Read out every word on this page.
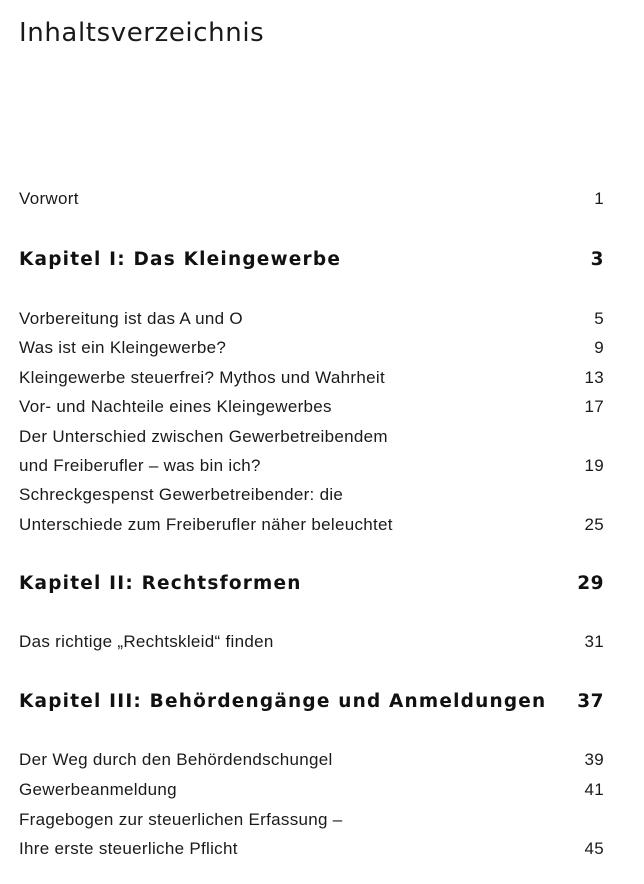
Inhaltsverzeichnis
Vorwort	1
Kapitel I: Das Kleingewerbe	3
Vorbereitung ist das A und O	5
Was ist ein Kleingewerbe?	9
Kleingewerbe steuerfrei? Mythos und Wahrheit	13
Vor- und Nachteile eines Kleingewerbes	17
Der Unterschied zwischen Gewerbetreibendem
und Freiberufler – was bin ich?	19
Schreckgespenst Gewerbetreibender: die
Unterschiede zum Freiberufler näher beleuchtet	25
Kapitel II: Rechtsformen	29
Das richtige „Rechtskleid“ finden	31
Kapitel III: Behördengänge und Anmeldungen 37
Der Weg durch den Behördendschungel	39
Gewerbeanmeldung	41
Fragebogen zur steuerlichen Erfassung –
Ihre erste steuerliche Pflicht	45
